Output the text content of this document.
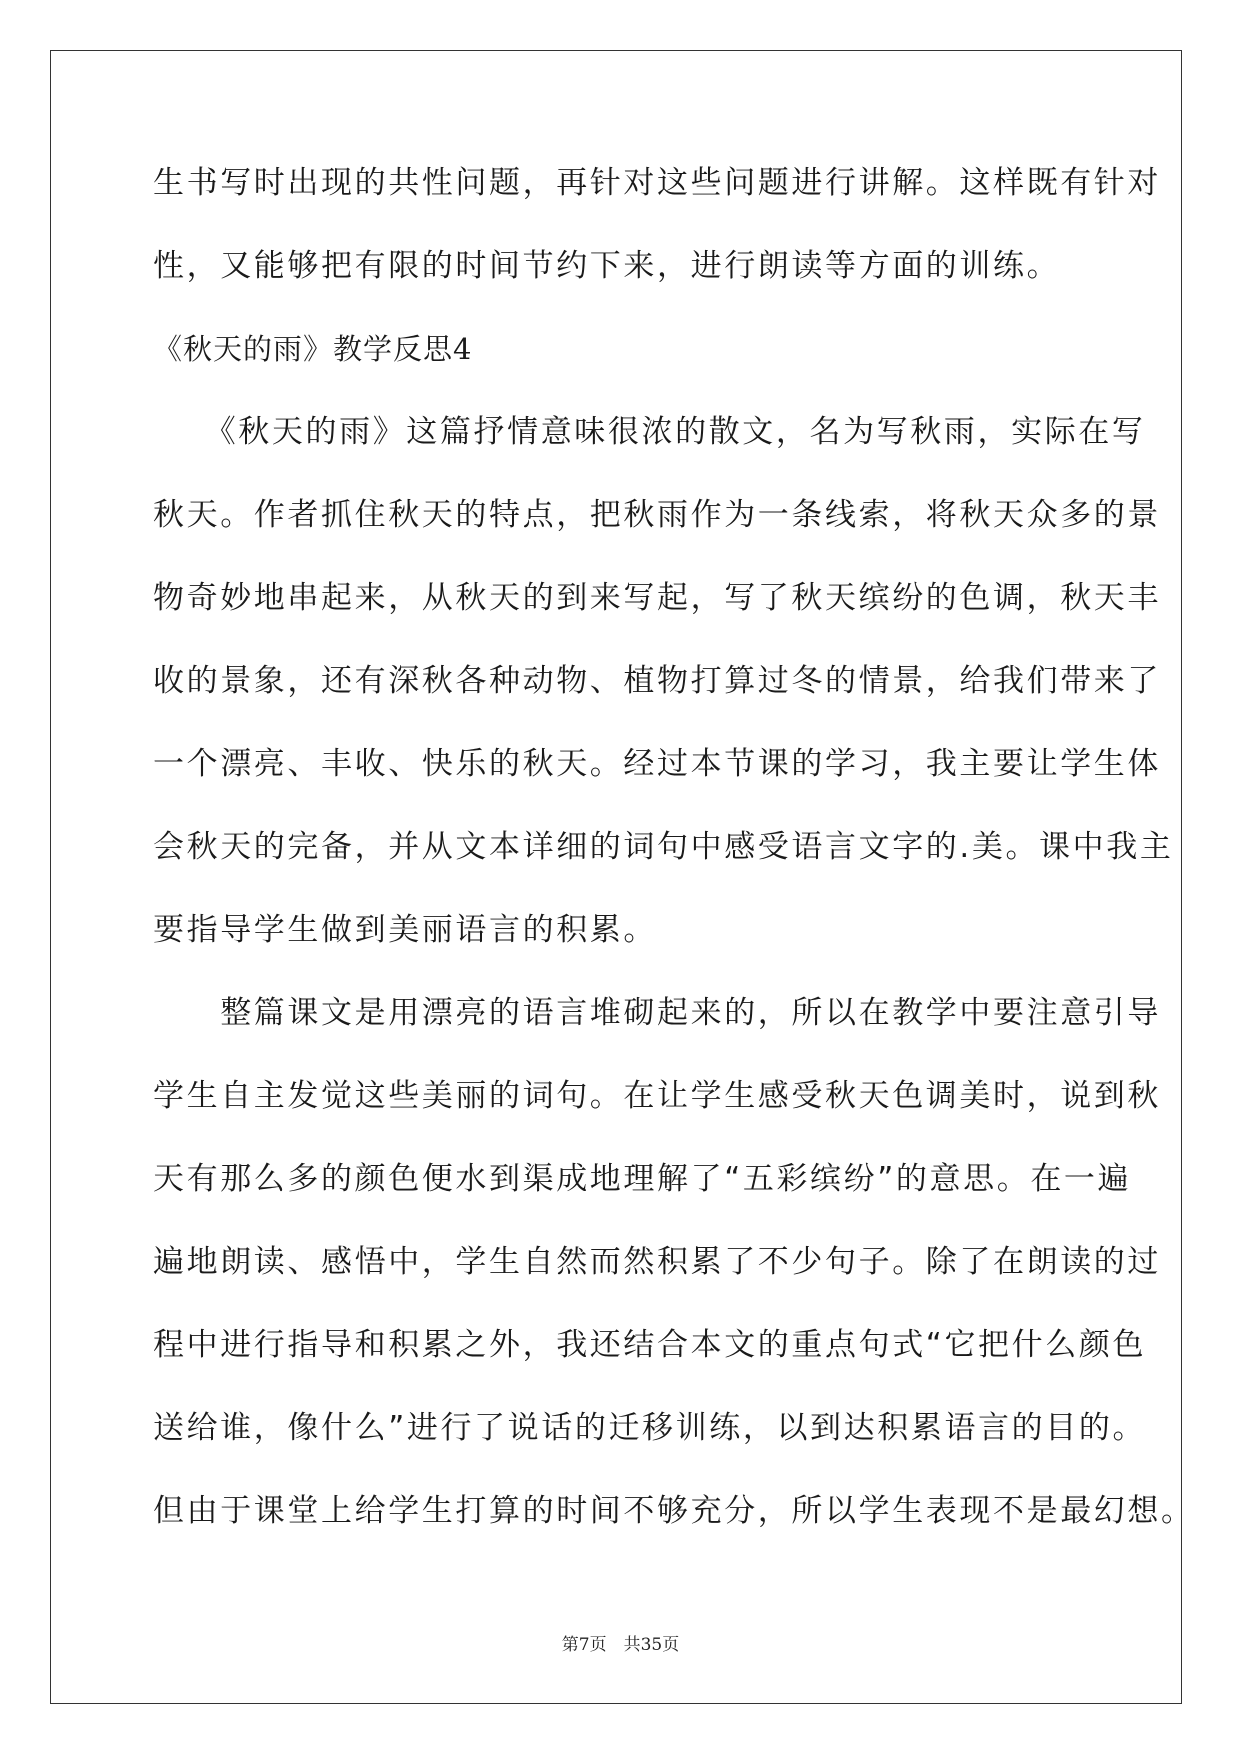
生书写时出现的共性问题，再针对这些问题进行讲解。这样既有针对
性，又能够把有限的时间节约下来，进行朗读等方面的训练。
《秋天的雨》教学反思4
　　《秋天的雨》这篇抒情意味很浓的散文，名为写秋雨，实际在写
秋天。作者抓住秋天的特点，把秋雨作为一条线索，将秋天众多的景
物奇妙地串起来，从秋天的到来写起，写了秋天缤纷的色调，秋天丰
收的景象，还有深秋各种动物、植物打算过冬的情景，给我们带来了
一个漂亮、丰收、快乐的秋天。经过本节课的学习，我主要让学生体
会秋天的完备，并从文本详细的词句中感受语言文字的.美。课中我主
要指导学生做到美丽语言的积累。
　　整篇课文是用漂亮的语言堆砌起来的，所以在教学中要注意引导
学生自主发觉这些美丽的词句。在让学生感受秋天色调美时，说到秋
天有那么多的颜色便水到渠成地理解了“五彩缤纷”的意思。在一遍
遍地朗读、感悟中，学生自然而然积累了不少句子。除了在朗读的过
程中进行指导和积累之外，我还结合本文的重点句式“它把什么颜色
送给谁，像什么”进行了说话的迁移训练，以到达积累语言的目的。
但由于课堂上给学生打算的时间不够充分，所以学生表现不是最幻想。
第7页　共35页
